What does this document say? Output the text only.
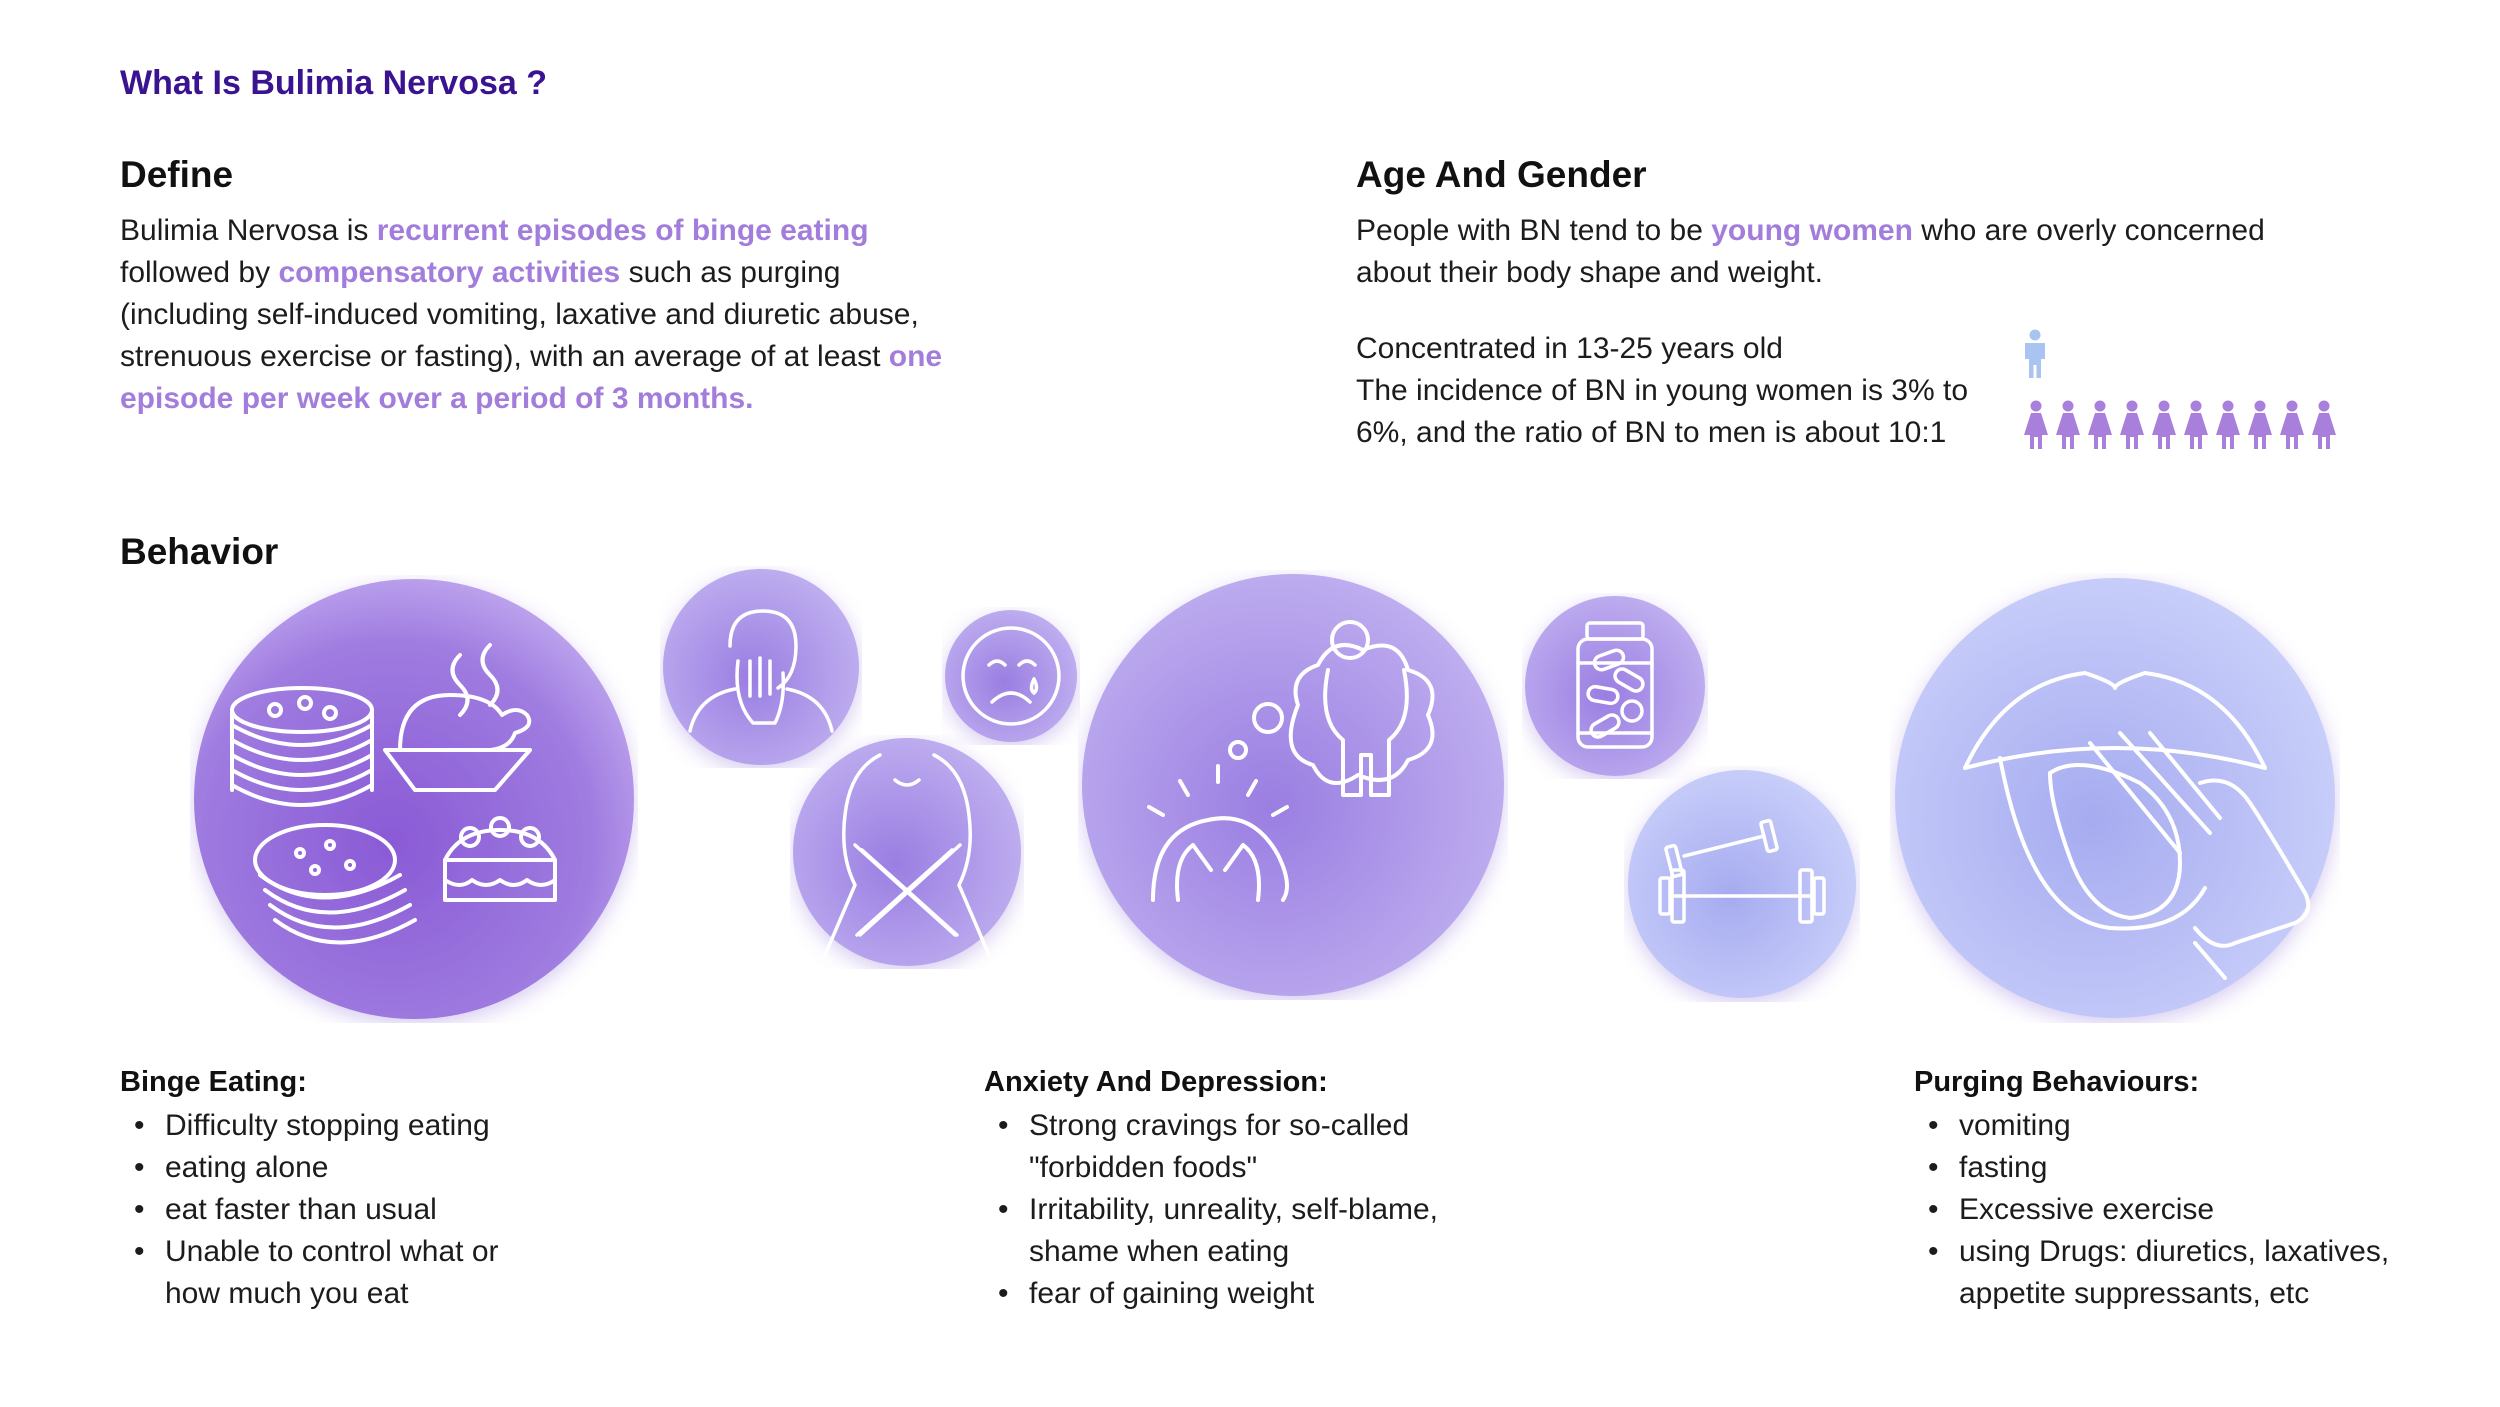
What Is Bulimia Nervosa ?
Define

Bulimia Nervosa is recurrent episodes of binge eating followed by compensatory activities such as purging (including self-induced vomiting, laxative and diuretic abuse, strenuous exercise or fasting), with an average of at least one episode per week over a period of 3 months.

Age And Gender

People with BN tend to be young women who are overly concerned about their body shape and weight.

Concentrated in 13-25 years old
The incidence of BN in young women is 3% to 6%, and the ratio of BN to men is about 10:1
Behavior
Binge Eating:
• Difficulty stopping eating
• eating alone
• eat faster than usual
• Unable to control what or how much you eat
Anxiety And Depression:
• Strong cravings for so-called "forbidden foods"
• Irritability, unreality, self-blame, shame when eating
• fear of gaining weight
Purging Behaviours:
• vomiting
• fasting
• Excessive exercise
• using Drugs: diuretics, laxatives, appetite suppressants, etc
